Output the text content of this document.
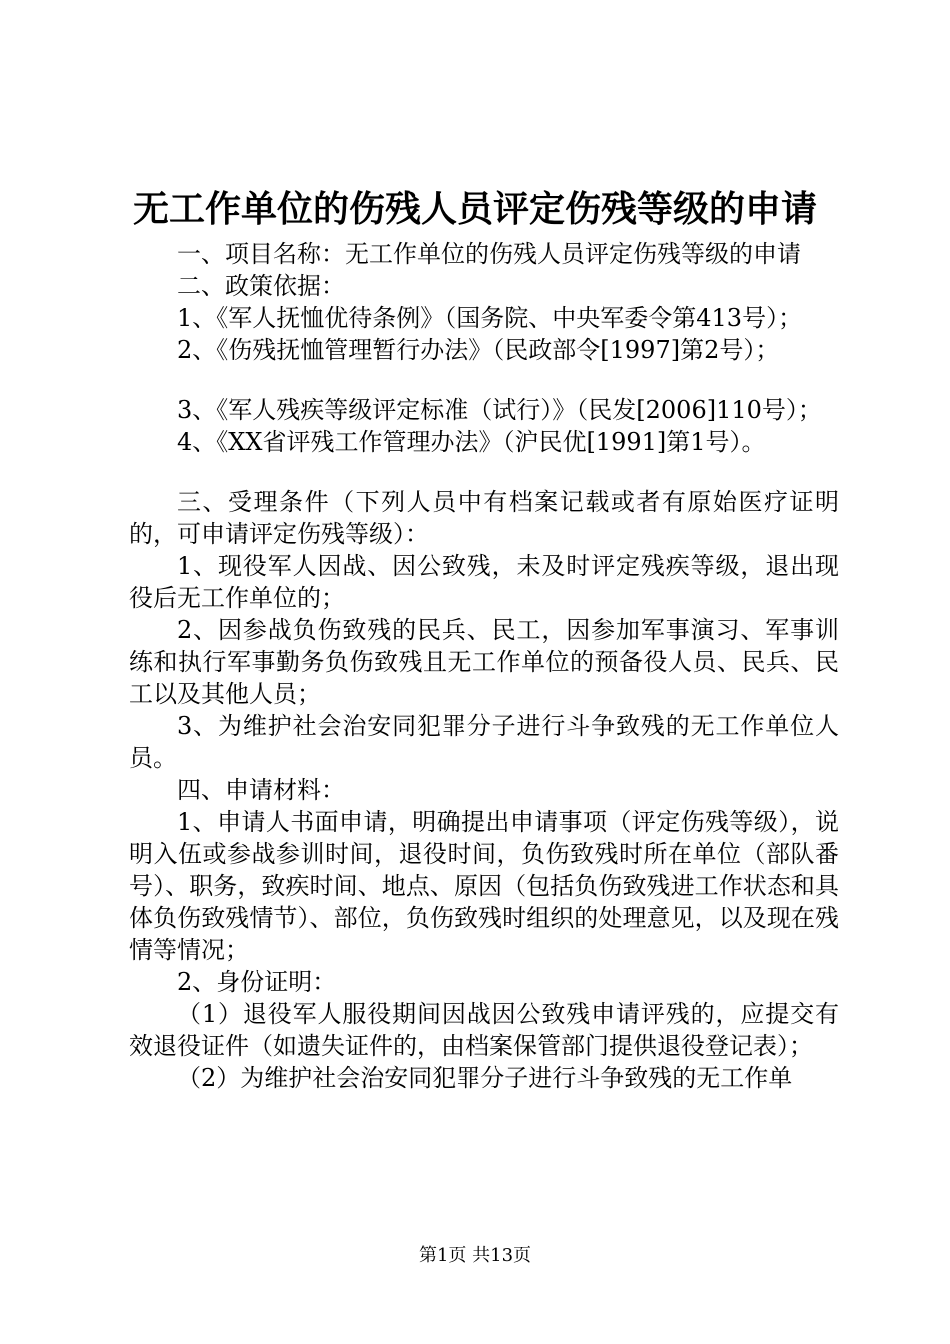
无工作单位的伤残人员评定伤残等级的申请

一、项目名称：无工作单位的伤残人员评定伤残等级的申请

二、政策依据：

1、《军人抚恤优待条例》（国务院、中央军委令第413号）；

2、《伤残抚恤管理暂行办法》（民政部令[1997]第2号）；

3、《军人残疾等级评定标准（试行）》（民发[2006]110号）；

4、《XX省评残工作管理办法》（沪民优[1991]第1号）。

三、受理条件（下列人员中有档案记载或者有原始医疗证明的，可申请评定伤残等级）：

1、现役军人因战、因公致残，未及时评定残疾等级，退出现役后无工作单位的；

2、因参战负伤致残的民兵、民工，因参加军事演习、军事训练和执行军事勤务负伤致残且无工作单位的预备役人员、民兵、民工以及其他人员；

3、为维护社会治安同犯罪分子进行斗争致残的无工作单位人员。

四、申请材料：

1、申请人书面申请，明确提出申请事项（评定伤残等级），说明入伍或参战参训时间，退役时间，负伤致残时所在单位（部队番号）、职务，致疾时间、地点、原因（包括负伤致残进工作状态和具体负伤致残情节）、部位，负伤致残时组织的处理意见，以及现在残情等情况；

2、身份证明：

（1）退役军人服役期间因战因公致残申请评残的，应提交有效退役证件（如遗失证件的，由档案保管部门提供退役登记表）；

（2）为维护社会治安同犯罪分子进行斗争致残的无工作单

第1页 共13页
